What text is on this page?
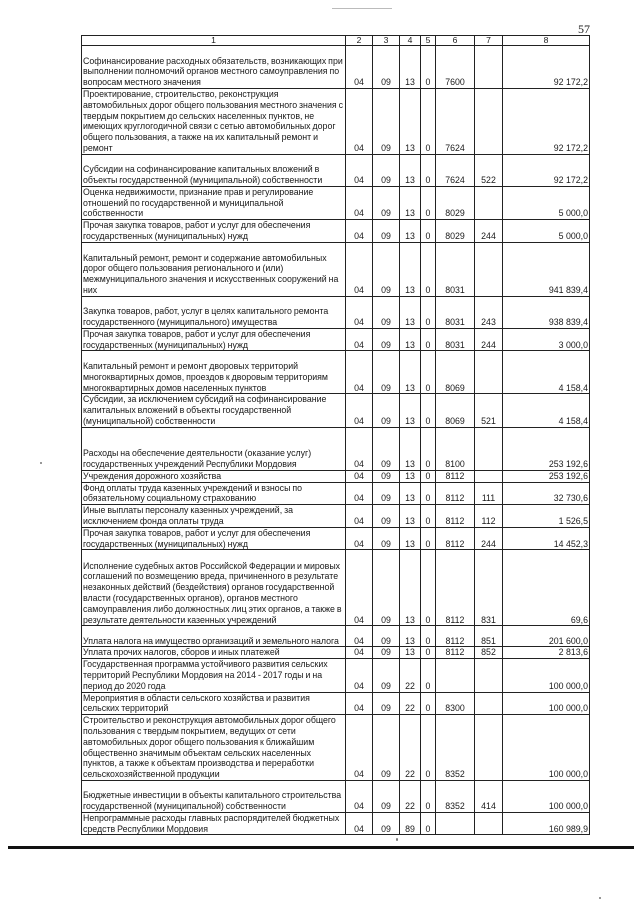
57
1	2	3	4	5	6	7	8
Софинансирование расходных обязательств, возникающих при выполнении полномочий органов местного самоуправления по вопросам местного значения	04	09	13	0	7600		92 172,2
Проектирование, строительство, реконструкция автомобильных дорог общего пользования местного значения с твердым покрытием до сельских населенных пунктов, не имеющих круглогодичной связи с сетью автомобильных дорог общего пользования, а также на их капитальный ремонт и ремонт	04	09	13	0	7624		92 172,2
Субсидии на софинансирование капитальных вложений в объекты государственной (муниципальной) собственности	04	09	13	0	7624	522	92 172,2
Оценка недвижимости, признание прав и регулирование отношений по государственной и муниципальной собственности	04	09	13	0	8029		5 000,0
Прочая закупка товаров, работ и услуг для обеспечения государственных (муниципальных) нужд	04	09	13	0	8029	244	5 000,0
Капитальный ремонт, ремонт и содержание автомобильных дорог общего пользования регионального и (или) межмуниципального значения и искусственных сооружений на них	04	09	13	0	8031		941 839,4
Закупка товаров, работ, услуг в целях капитального ремонта государственного (муниципального) имущества	04	09	13	0	8031	243	938 839,4
Прочая закупка товаров, работ и услуг для обеспечения государственных (муниципальных) нужд	04	09	13	0	8031	244	3 000,0
Капитальный ремонт и ремонт дворовых территорий многоквартирных домов, проездов к дворовым территориям многоквартирных домов населенных пунктов	04	09	13	0	8069		4 158,4
Субсидии, за исключением субсидий на софинансирование капитальных вложений в объекты государственной (муниципальной) собственности	04	09	13	0	8069	521	4 158,4
Расходы на обеспечение деятельности (оказание услуг) государственных учреждений Республики Мордовия	04	09	13	0	8100		253 192,6
Учреждения дорожного хозяйства	04	09	13	0	8112		253 192,6
Фонд оплаты труда казенных учреждений и взносы по обязательному социальному страхованию	04	09	13	0	8112	111	32 730,6
Иные выплаты персоналу казенных учреждений, за исключением фонда оплаты труда	04	09	13	0	8112	112	1 526,5
Прочая закупка товаров, работ и услуг для обеспечения государственных (муниципальных) нужд	04	09	13	0	8112	244	14 452,3
Исполнение судебных актов Российской Федерации и мировых соглашений по возмещению вреда, причиненного в результате незаконных действий (бездействия) органов государственной власти (государственных органов), органов местного самоуправления либо должностных лиц этих органов, а также в результате деятельности казенных учреждений	04	09	13	0	8112	831	69,6
Уплата налога на имущество организаций и земельного налога	04	09	13	0	8112	851	201 600,0
Уплата прочих налогов, сборов и иных платежей	04	09	13	0	8112	852	2 813,6
Государственная программа устойчивого развития сельских территорий Республики Мордовия на 2014 - 2017 годы и на период до 2020 года	04	09	22	0			100 000,0
Мероприятия в области сельского хозяйства и развития сельских территорий	04	09	22	0	8300		100 000,0
Строительство и реконструкция автомобильных дорог общего пользования с твердым покрытием, ведущих от сети автомобильных дорог общего пользования к ближайшим общественно значимым объектам сельских населенных пунктов, а также к объектам производства и переработки сельскохозяйственной продукции	04	09	22	0	8352		100 000,0
Бюджетные инвестиции в объекты капитального строительства государственной (муниципальной) собственности	04	09	22	0	8352	414	100 000,0
Непрограммные расходы главных распорядителей бюджетных средств Республики Мордовия	04	09	89	0			160 989,9
